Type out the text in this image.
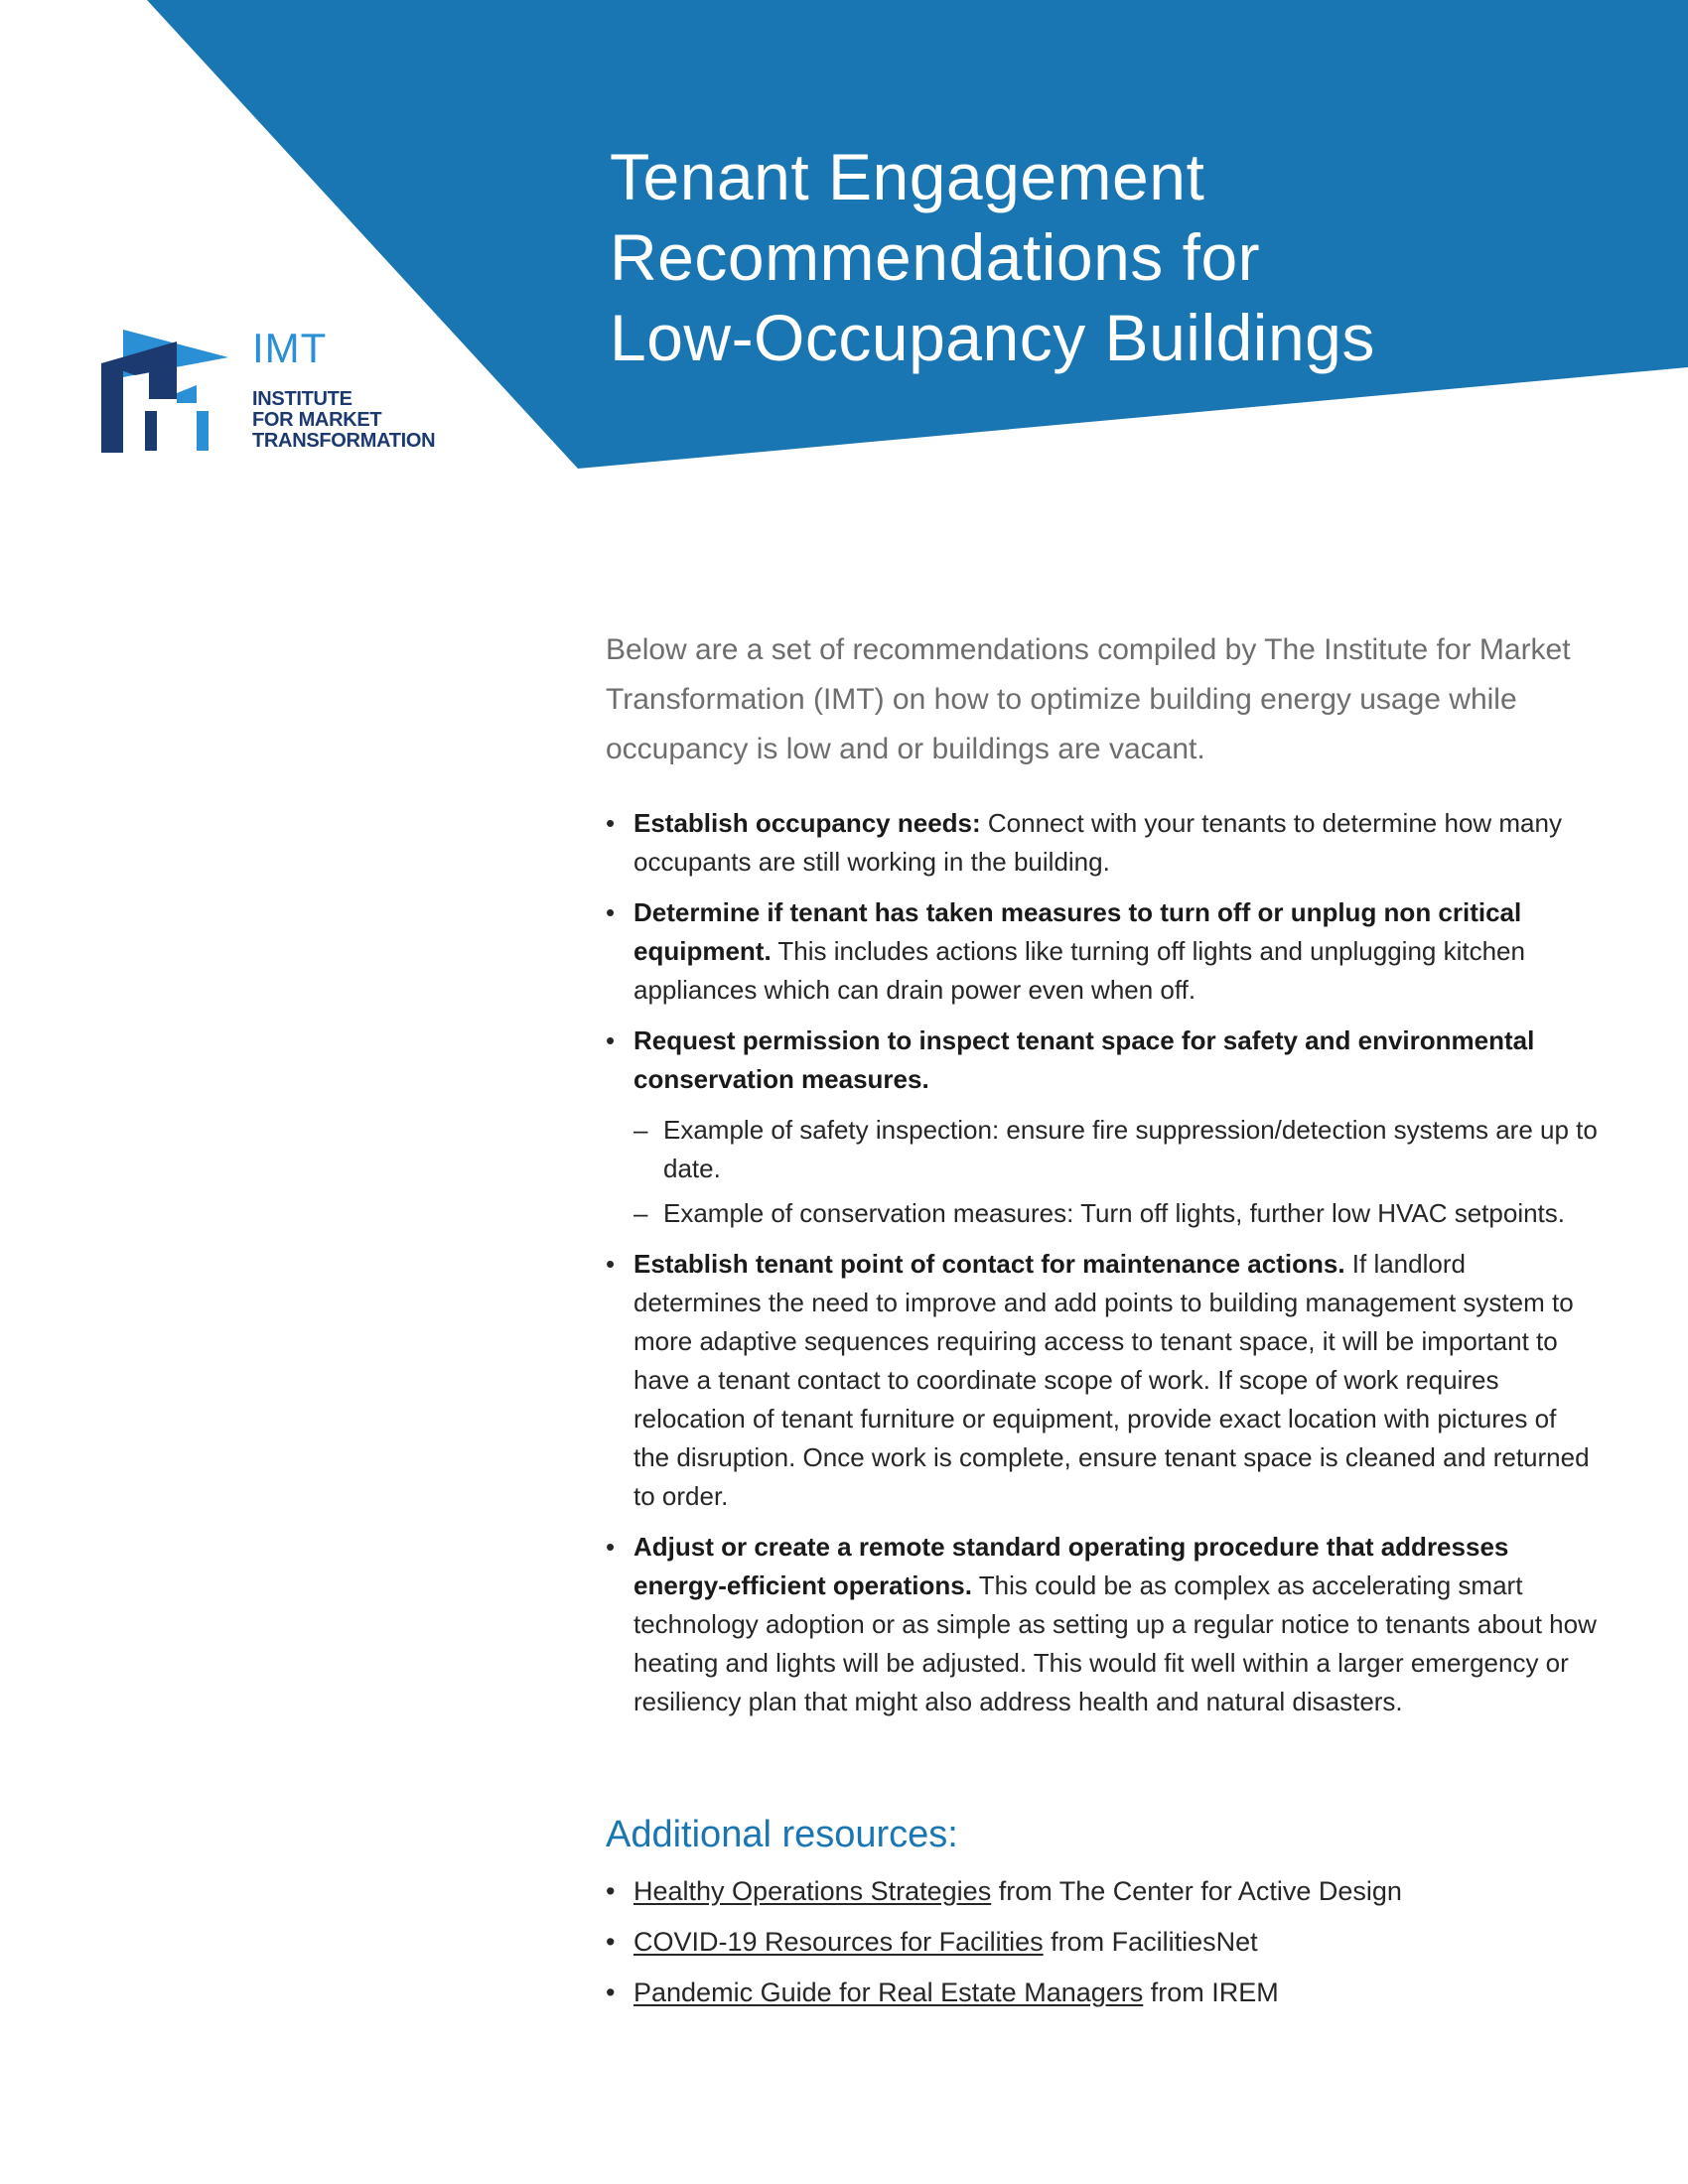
IMT
INSTITUTE
FOR MARKET
TRANSFORMATION
Tenant Engagement
Recommendations for
Low-Occupancy Buildings

Below are a set of recommendations compiled by The Institute for Market Transformation (IMT) on how to optimize building energy usage while occupancy is low and or buildings are vacant.

• Establish occupancy needs: Connect with your tenants to determine how many occupants are still working in the building.
• Determine if tenant has taken measures to turn off or unplug non critical equipment. This includes actions like turning off lights and unplugging kitchen appliances which can drain power even when off.
• Request permission to inspect tenant space for safety and environmental conservation measures.
– Example of safety inspection: ensure fire suppression/detection systems are up to date.
– Example of conservation measures: Turn off lights, further low HVAC setpoints.
• Establish tenant point of contact for maintenance actions. If landlord determines the need to improve and add points to building management system to more adaptive sequences requiring access to tenant space, it will be important to have a tenant contact to coordinate scope of work. If scope of work requires relocation of tenant furniture or equipment, provide exact location with pictures of the disruption. Once work is complete, ensure tenant space is cleaned and returned to order.
• Adjust or create a remote standard operating procedure that addresses energy-efficient operations. This could be as complex as accelerating smart technology adoption or as simple as setting up a regular notice to tenants about how heating and lights will be adjusted. This would fit well within a larger emergency or resiliency plan that might also address health and natural disasters.
Additional resources:
• Healthy Operations Strategies from The Center for Active Design
• COVID-19 Resources for Facilities from FacilitiesNet
• Pandemic Guide for Real Estate Managers from IREM
